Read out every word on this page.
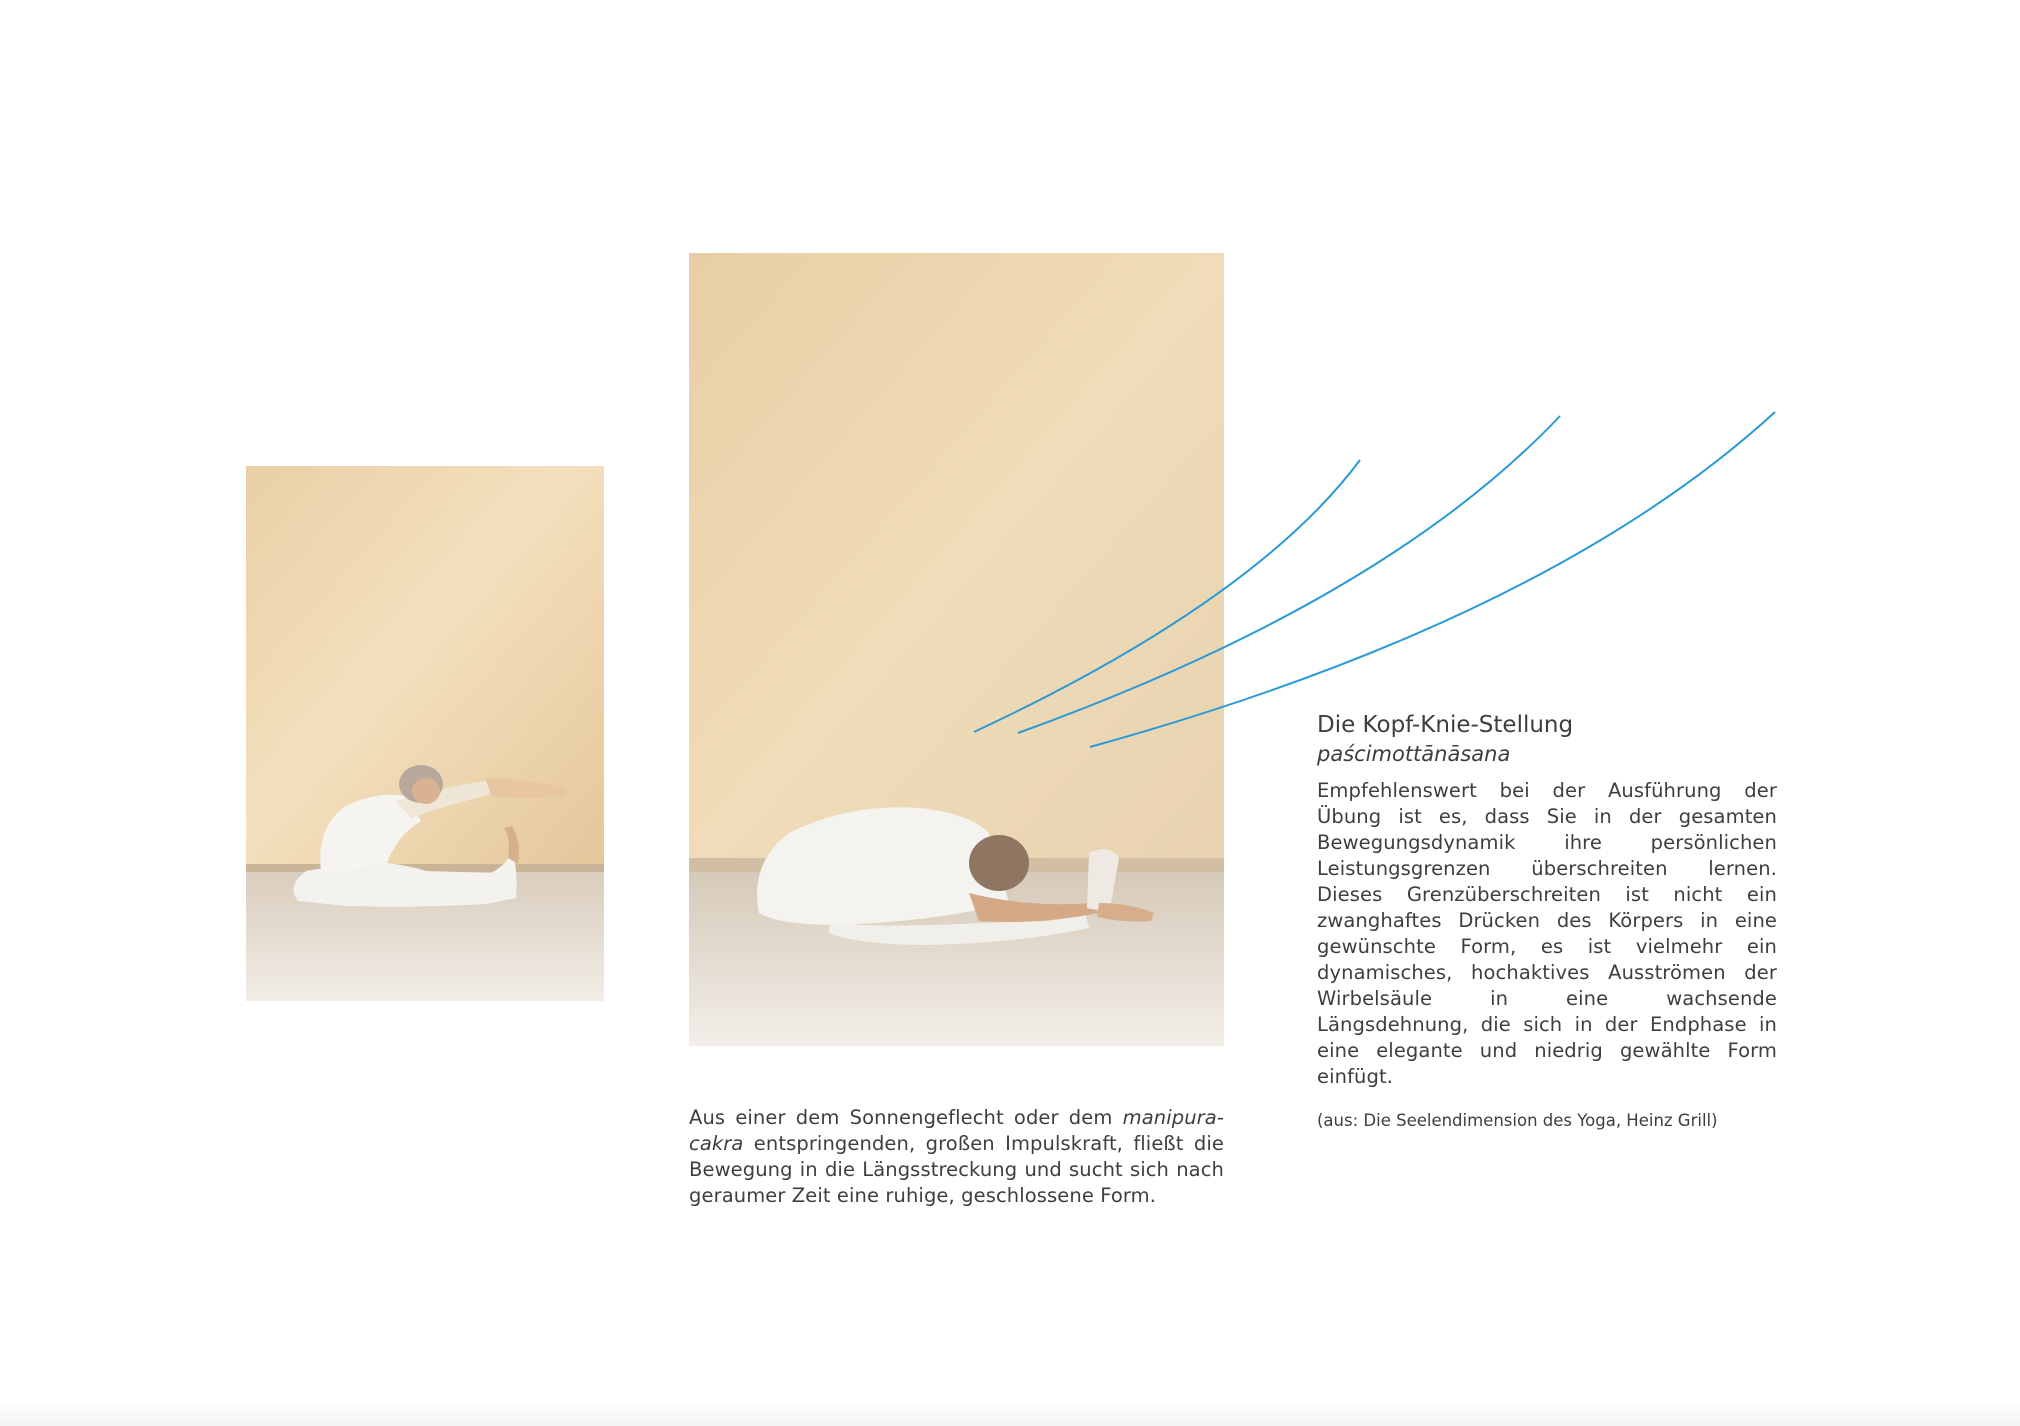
Aus einer dem Sonnengeflecht oder dem manipura-cakra entspringenden, großen Impulskraft, fließt die Bewegung in die Längsstreckung und sucht sich nach geraumer Zeit eine ruhige, geschlossene Form.

Die Kopf-Knie-Stellung
paścimottānāsana

Empfehlenswert bei der Ausführung der Übung ist es, dass Sie in der gesamten Bewegungsdynamik ihre persönlichen Leistungsgrenzen überschreiten lernen. Dieses Grenzüberschreiten ist nicht ein zwanghaftes Drücken des Körpers in eine gewünschte Form, es ist vielmehr ein dynamisches, hochaktives Ausströmen der Wirbelsäule in eine wachsende Längsdehnung, die sich in der Endphase in eine elegante und niedrig gewählte Form einfügt.

(aus: Die Seelendimension des Yoga, Heinz Grill)
